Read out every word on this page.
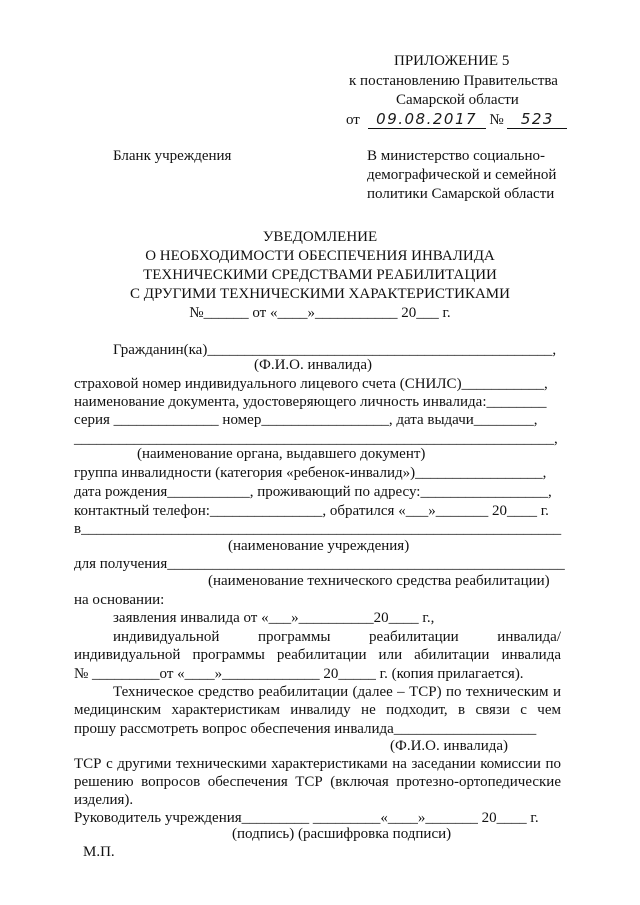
ПРИЛОЖЕНИЕ 5
к постановлению Правительства
Самарской области
от 09.08.2017 № 523
Бланк учреждения	В министерство социально-
демографической и семейной
политики Самарской области
УВЕДОМЛЕНИЕ
О НЕОБХОДИМОСТИ ОБЕСПЕЧЕНИЯ ИНВАЛИДА
ТЕХНИЧЕСКИМИ СРЕДСТВАМИ РЕАБИЛИТАЦИИ
С ДРУГИМИ ТЕХНИЧЕСКИМИ ХАРАКТЕРИСТИКАМИ
№______ от «____»___________ 20___ г.
Гражданин(ка)______________________________________________,
(Ф.И.О. инвалида)
страховой номер индивидуального лицевого счета (СНИЛС)___________,
наименование документа, удостоверяющего личность инвалида:________
серия ______________ номер_________________, дата выдачи________,
________________________________________________________________,
(наименование органа, выдавшего документ)
группа инвалидности (категория «ребенок-инвалид»)_________________,
дата рождения___________, проживающий по адресу:_________________,
контактный телефон:_______________, обратился «___»_______ 20____ г.
в________________________________________________________________
(наименование учреждения)
для получения_____________________________________________________
(наименование технического средства реабилитации)
на основании:
заявления инвалида от «___»__________20____ г.,
индивидуальной программы реабилитации инвалида/
индивидуальной программы реабилитации или абилитации инвалида
№ _________от «____»_____________ 20_____ г. (копия прилагается).
Техническое средство реабилитации (далее – ТСР) по техническим и
медицинским характеристикам инвалиду не подходит, в связи с чем
прошу рассмотреть вопрос обеспечения инвалида___________________
(Ф.И.О. инвалида)
ТСР с другими техническими характеристиками на заседании комиссии по
решению вопросов обеспечения ТСР (включая протезно-ортопедические
изделия).
Руководитель учреждения_________ _________«____»_______ 20____ г.
(подпись) (расшифровка подписи)
М.П.
